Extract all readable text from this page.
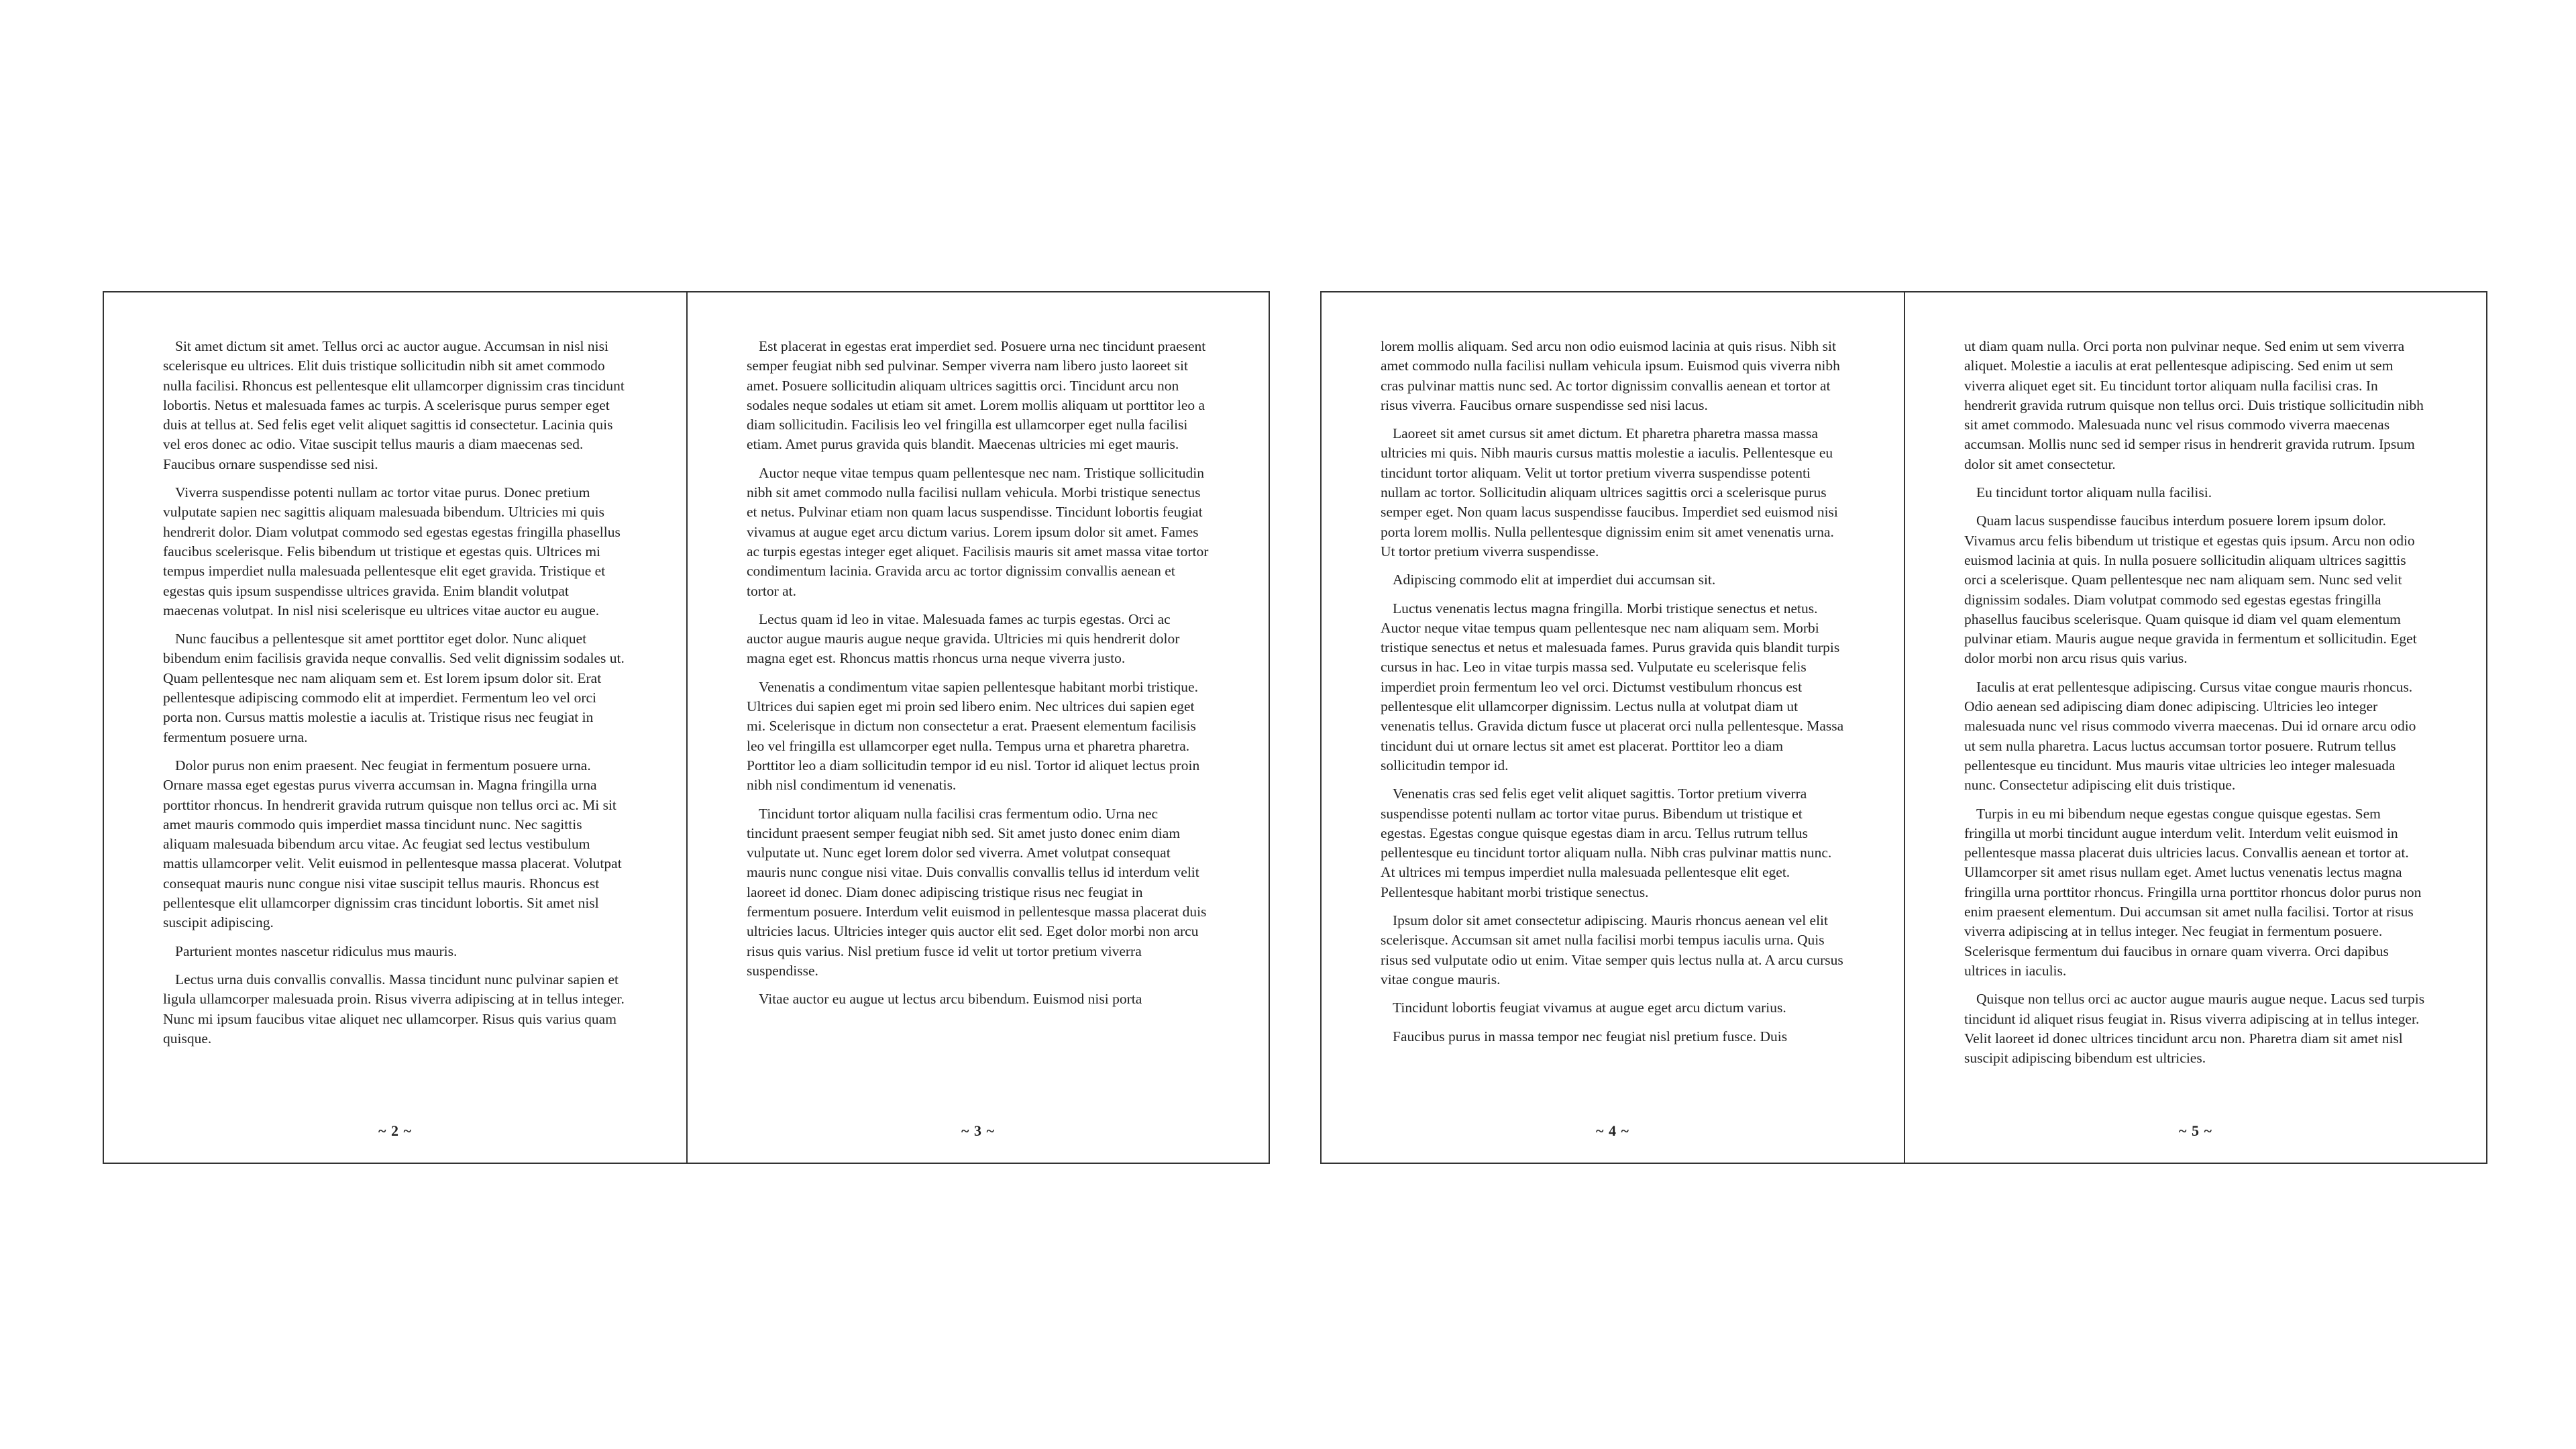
Sit amet dictum sit amet. Tellus orci ac auctor augue. Accumsan in nisl nisi scelerisque eu ultrices. Elit duis tristique sollicitudin nibh sit amet commodo nulla facilisi. Rhoncus est pellentesque elit ullamcorper dignissim cras tincidunt lobortis. Netus et malesuada fames ac turpis. A scelerisque purus semper eget duis at tellus at. Sed felis eget velit aliquet sagittis id consectetur. Lacinia quis vel eros donec ac odio. Vitae suscipit tellus mauris a diam maecenas sed. Faucibus ornare suspendisse sed nisi.

Viverra suspendisse potenti nullam ac tortor vitae purus. Donec pretium vulputate sapien nec sagittis aliquam malesuada bibendum. Ultricies mi quis hendrerit dolor. Diam volutpat commodo sed egestas egestas fringilla phasellus faucibus scelerisque. Felis bibendum ut tristique et egestas quis. Ultrices mi tempus imperdiet nulla malesuada pellentesque elit eget gravida. Tristique et egestas quis ipsum suspendisse ultrices gravida. Enim blandit volutpat maecenas volutpat. In nisl nisi scelerisque eu ultrices vitae auctor eu augue.

Nunc faucibus a pellentesque sit amet porttitor eget dolor. Nunc aliquet bibendum enim facilisis gravida neque convallis. Sed velit dignissim sodales ut. Quam pellentesque nec nam aliquam sem et. Est lorem ipsum dolor sit. Erat pellentesque adipiscing commodo elit at imperdiet. Fermentum leo vel orci porta non. Cursus mattis molestie a iaculis at. Tristique risus nec feugiat in fermentum posuere urna.

Dolor purus non enim praesent. Nec feugiat in fermentum posuere urna. Ornare massa eget egestas purus viverra accumsan in. Magna fringilla urna porttitor rhoncus. In hendrerit gravida rutrum quisque non tellus orci ac. Mi sit amet mauris commodo quis imperdiet massa tincidunt nunc. Nec sagittis aliquam malesuada bibendum arcu vitae. Ac feugiat sed lectus vestibulum mattis ullamcorper velit. Velit euismod in pellentesque massa placerat. Volutpat consequat mauris nunc congue nisi vitae suscipit tellus mauris. Rhoncus est pellentesque elit ullamcorper dignissim cras tincidunt lobortis. Sit amet nisl suscipit adipiscing.

Parturient montes nascetur ridiculus mus mauris.

Lectus urna duis convallis convallis. Massa tincidunt nunc pulvinar sapien et ligula ullamcorper malesuada proin. Risus viverra adipiscing at in tellus integer. Nunc mi ipsum faucibus vitae aliquet nec ullamcorper. Risus quis varius quam quisque.

~ 2 ~

Est placerat in egestas erat imperdiet sed. Posuere urna nec tincidunt praesent semper feugiat nibh sed pulvinar. Semper viverra nam libero justo laoreet sit amet. Posuere sollicitudin aliquam ultrices sagittis orci. Tincidunt arcu non sodales neque sodales ut etiam sit amet. Lorem mollis aliquam ut porttitor leo a diam sollicitudin. Facilisis leo vel fringilla est ullamcorper eget nulla facilisi etiam. Amet purus gravida quis blandit. Maecenas ultricies mi eget mauris.

Auctor neque vitae tempus quam pellentesque nec nam. Tristique sollicitudin nibh sit amet commodo nulla facilisi nullam vehicula. Morbi tristique senectus et netus. Pulvinar etiam non quam lacus suspendisse. Tincidunt lobortis feugiat vivamus at augue eget arcu dictum varius. Lorem ipsum dolor sit amet. Fames ac turpis egestas integer eget aliquet. Facilisis mauris sit amet massa vitae tortor condimentum lacinia. Gravida arcu ac tortor dignissim convallis aenean et tortor at.

Lectus quam id leo in vitae. Malesuada fames ac turpis egestas. Orci ac auctor augue mauris augue neque gravida. Ultricies mi quis hendrerit dolor magna eget est. Rhoncus mattis rhoncus urna neque viverra justo.

Venenatis a condimentum vitae sapien pellentesque habitant morbi tristique. Ultrices dui sapien eget mi proin sed libero enim. Nec ultrices dui sapien eget mi. Scelerisque in dictum non consectetur a erat. Praesent elementum facilisis leo vel fringilla est ullamcorper eget nulla. Tempus urna et pharetra pharetra. Porttitor leo a diam sollicitudin tempor id eu nisl. Tortor id aliquet lectus proin nibh nisl condimentum id venenatis.

Tincidunt tortor aliquam nulla facilisi cras fermentum odio. Urna nec tincidunt praesent semper feugiat nibh sed. Sit amet justo donec enim diam vulputate ut. Nunc eget lorem dolor sed viverra. Amet volutpat consequat mauris nunc congue nisi vitae. Duis convallis convallis tellus id interdum velit laoreet id donec. Diam donec adipiscing tristique risus nec feugiat in fermentum posuere. Interdum velit euismod in pellentesque massa placerat duis ultricies lacus. Ultricies integer quis auctor elit sed. Eget dolor morbi non arcu risus quis varius. Nisl pretium fusce id velit ut tortor pretium viverra suspendisse.

Vitae auctor eu augue ut lectus arcu bibendum. Euismod nisi porta

~ 3 ~

lorem mollis aliquam. Sed arcu non odio euismod lacinia at quis risus. Nibh sit amet commodo nulla facilisi nullam vehicula ipsum. Euismod quis viverra nibh cras pulvinar mattis nunc sed. Ac tortor dignissim convallis aenean et tortor at risus viverra. Faucibus ornare suspendisse sed nisi lacus.

Laoreet sit amet cursus sit amet dictum. Et pharetra pharetra massa massa ultricies mi quis. Nibh mauris cursus mattis molestie a iaculis. Pellentesque eu tincidunt tortor aliquam. Velit ut tortor pretium viverra suspendisse potenti nullam ac tortor. Sollicitudin aliquam ultrices sagittis orci a scelerisque purus semper eget. Non quam lacus suspendisse faucibus. Imperdiet sed euismod nisi porta lorem mollis. Nulla pellentesque dignissim enim sit amet venenatis urna. Ut tortor pretium viverra suspendisse.

Adipiscing commodo elit at imperdiet dui accumsan sit.

Luctus venenatis lectus magna fringilla. Morbi tristique senectus et netus. Auctor neque vitae tempus quam pellentesque nec nam aliquam sem. Morbi tristique senectus et netus et malesuada fames. Purus gravida quis blandit turpis cursus in hac. Leo in vitae turpis massa sed. Vulputate eu scelerisque felis imperdiet proin fermentum leo vel orci. Dictumst vestibulum rhoncus est pellentesque elit ullamcorper dignissim. Lectus nulla at volutpat diam ut venenatis tellus. Gravida dictum fusce ut placerat orci nulla pellentesque. Massa tincidunt dui ut ornare lectus sit amet est placerat. Porttitor leo a diam sollicitudin tempor id.

Venenatis cras sed felis eget velit aliquet sagittis. Tortor pretium viverra suspendisse potenti nullam ac tortor vitae purus. Bibendum ut tristique et egestas. Egestas congue quisque egestas diam in arcu. Tellus rutrum tellus pellentesque eu tincidunt tortor aliquam nulla. Nibh cras pulvinar mattis nunc. At ultrices mi tempus imperdiet nulla malesuada pellentesque elit eget. Pellentesque habitant morbi tristique senectus.

Ipsum dolor sit amet consectetur adipiscing. Mauris rhoncus aenean vel elit scelerisque. Accumsan sit amet nulla facilisi morbi tempus iaculis urna. Quis risus sed vulputate odio ut enim. Vitae semper quis lectus nulla at. A arcu cursus vitae congue mauris.

Tincidunt lobortis feugiat vivamus at augue eget arcu dictum varius.

Faucibus purus in massa tempor nec feugiat nisl pretium fusce. Duis

~ 4 ~

ut diam quam nulla. Orci porta non pulvinar neque. Sed enim ut sem viverra aliquet. Molestie a iaculis at erat pellentesque adipiscing. Sed enim ut sem viverra aliquet eget sit. Eu tincidunt tortor aliquam nulla facilisi cras. In hendrerit gravida rutrum quisque non tellus orci. Duis tristique sollicitudin nibh sit amet commodo. Malesuada nunc vel risus commodo viverra maecenas accumsan. Mollis nunc sed id semper risus in hendrerit gravida rutrum. Ipsum dolor sit amet consectetur.

Eu tincidunt tortor aliquam nulla facilisi.

Quam lacus suspendisse faucibus interdum posuere lorem ipsum dolor. Vivamus arcu felis bibendum ut tristique et egestas quis ipsum. Arcu non odio euismod lacinia at quis. In nulla posuere sollicitudin aliquam ultrices sagittis orci a scelerisque. Quam pellentesque nec nam aliquam sem. Nunc sed velit dignissim sodales. Diam volutpat commodo sed egestas egestas fringilla phasellus faucibus scelerisque. Quam quisque id diam vel quam elementum pulvinar etiam. Mauris augue neque gravida in fermentum et sollicitudin. Eget dolor morbi non arcu risus quis varius.

Iaculis at erat pellentesque adipiscing. Cursus vitae congue mauris rhoncus. Odio aenean sed adipiscing diam donec adipiscing. Ultricies leo integer malesuada nunc vel risus commodo viverra maecenas. Dui id ornare arcu odio ut sem nulla pharetra. Lacus luctus accumsan tortor posuere. Rutrum tellus pellentesque eu tincidunt. Mus mauris vitae ultricies leo integer malesuada nunc. Consectetur adipiscing elit duis tristique.

Turpis in eu mi bibendum neque egestas congue quisque egestas. Sem fringilla ut morbi tincidunt augue interdum velit. Interdum velit euismod in pellentesque massa placerat duis ultricies lacus. Convallis aenean et tortor at. Ullamcorper sit amet risus nullam eget. Amet luctus venenatis lectus magna fringilla urna porttitor rhoncus. Fringilla urna porttitor rhoncus dolor purus non enim praesent elementum. Dui accumsan sit amet nulla facilisi. Tortor at risus viverra adipiscing at in tellus integer. Nec feugiat in fermentum posuere. Scelerisque fermentum dui faucibus in ornare quam viverra. Orci dapibus ultrices in iaculis.

Quisque non tellus orci ac auctor augue mauris augue neque. Lacus sed turpis tincidunt id aliquet risus feugiat in. Risus viverra adipiscing at in tellus integer. Velit laoreet id donec ultrices tincidunt arcu non. Pharetra diam sit amet nisl suscipit adipiscing bibendum est ultricies.

~ 5 ~
